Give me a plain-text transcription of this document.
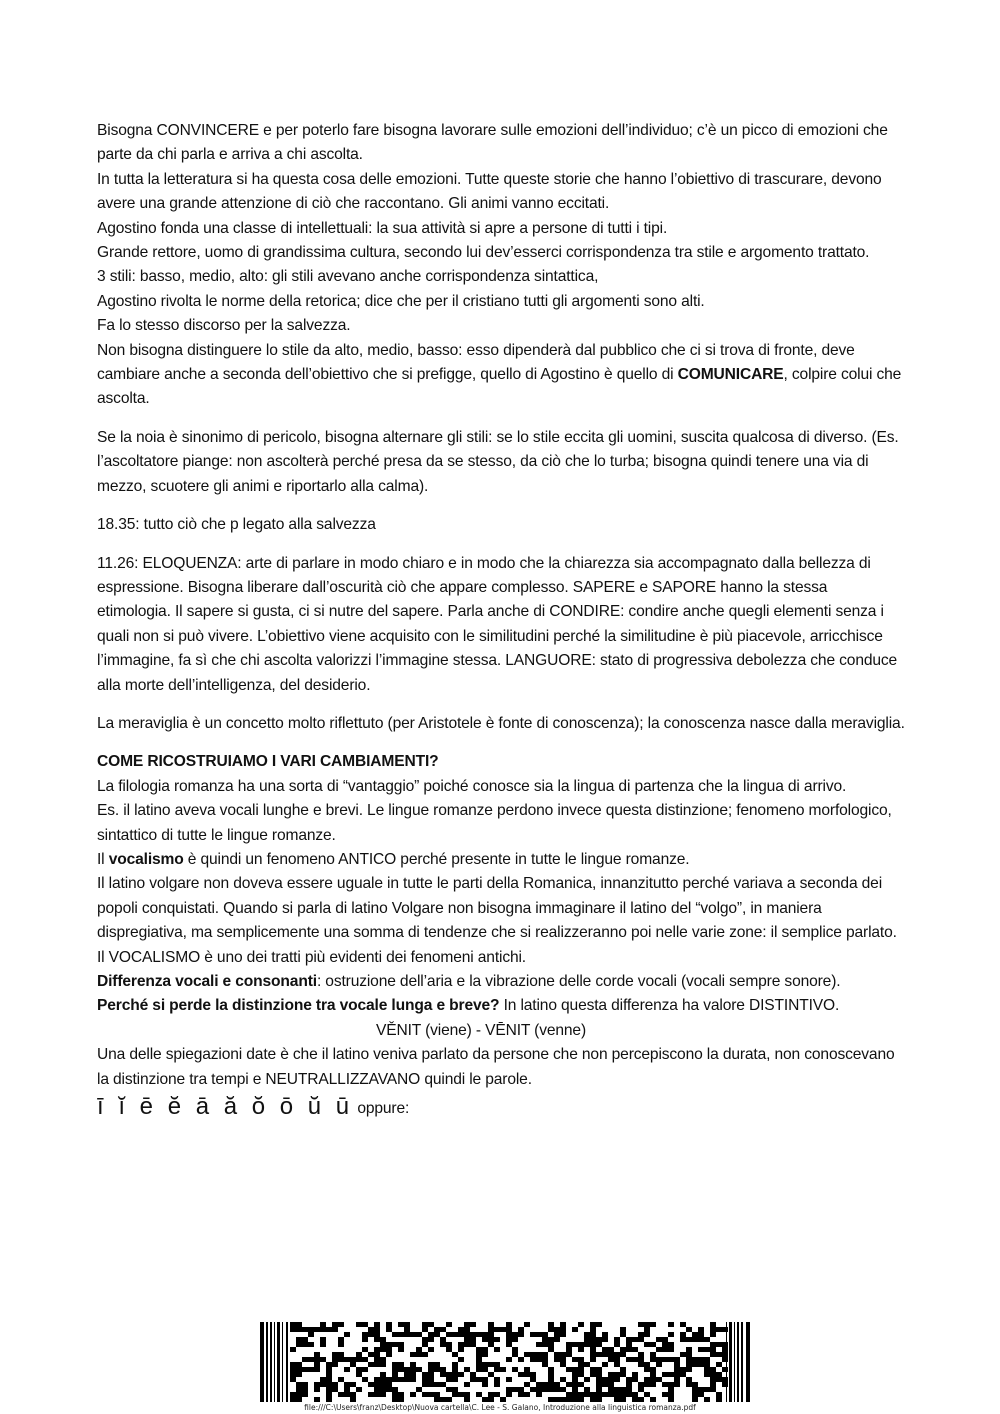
Bisogna CONVINCERE e per poterlo fare bisogna lavorare sulle emozioni dell’individuo; c’è un picco di emozioni che parte da chi parla e arriva a chi ascolta.

In tutta la letteratura si ha questa cosa delle emozioni. Tutte queste storie che hanno l’obiettivo di trascurare, devono avere una grande attenzione di ciò che raccontano. Gli animi vanno eccitati.

Agostino fonda una classe di intellettuali: la sua attività si apre a persone di tutti i tipi.

Grande rettore, uomo di grandissima cultura, secondo lui dev’esserci corrispondenza tra stile e argomento trattato.

3 stili: basso, medio, alto: gli stili avevano anche corrispondenza sintattica,

Agostino rivolta le norme della retorica; dice che per il cristiano tutti gli argomenti sono alti.

Fa lo stesso discorso per la salvezza.

Non bisogna distinguere lo stile da alto, medio, basso: esso dipenderà dal pubblico che ci si trova di fronte, deve cambiare anche a seconda dell’obiettivo che si prefigge, quello di Agostino è quello di COMUNICARE, colpire colui che ascolta.

Se la noia è sinonimo di pericolo, bisogna alternare gli stili: se lo stile eccita gli uomini, suscita qualcosa di diverso. (Es. l’ascoltatore piange: non ascolterà perché presa da se stesso, da ciò che lo turba; bisogna quindi tenere una via di mezzo, scuotere gli animi e riportarlo alla calma).

18.35: tutto ciò che p legato alla salvezza

11.26: ELOQUENZA: arte di parlare in modo chiaro e in modo che la chiarezza sia accompagnato dalla bellezza di espressione. Bisogna liberare dall’oscurità ciò che appare complesso. SAPERE e SAPORE hanno la stessa etimologia. Il sapere si gusta, ci si nutre del sapere. Parla anche di CONDIRE: condire anche quegli elementi senza i quali non si può vivere. L’obiettivo viene acquisito con le similitudini perché la similitudine è più piacevole, arricchisce l’immagine, fa sì che chi ascolta valorizzi l’immagine stessa. LANGUORE: stato di progressiva debolezza che conduce alla morte dell’intelligenza, del desiderio.

La meraviglia è un concetto molto riflettuto (per Aristotele è fonte di conoscenza); la conoscenza nasce dalla meraviglia.

COME RICOSTRUIAMO I VARI CAMBIAMENTI?

La filologia romanza ha una sorta di “vantaggio” poiché conosce sia la lingua di partenza che la lingua di arrivo.

Es. il latino aveva vocali lunghe e brevi. Le lingue romanze perdono invece questa distinzione; fenomeno morfologico, sintattico di tutte le lingue romanze.

Il vocalismo è quindi un fenomeno ANTICO perché presente in tutte le lingue romanze.

Il latino volgare non doveva essere uguale in tutte le parti della Romanica, innanzitutto perché variava a seconda dei popoli conquistati. Quando si parla di latino Volgare non bisogna immaginare il latino del “volgo”, in maniera dispregiativa, ma semplicemente una somma di tendenze che si realizzeranno poi nelle varie zone: il semplice parlato.

Il VOCALISMO è uno dei tratti più evidenti dei fenomeni antichi.

Differenza vocali e consonanti: ostruzione dell’aria e la vibrazione delle corde vocali (vocali sempre sonore).

Perché si perde la distinzione tra vocale lunga e breve? In latino questa differenza ha valore DISTINTIVO.

VĚNIT (viene) - VĒNIT (venne)

Una delle spiegazioni date è che il latino veniva parlato da persone che non percepiscono la durata, non conoscevano la distinzione tra tempi e NEUTRALLIZZAVANO quindi le parole.

ī ĭ ē ĕ ā ă ŏ ō ŭ ū oppure:

file:///C:\Users\franz\Desktop\Nuova cartella\C. Lee - S. Galano, Introduzione alla linguistica romanza.pdf
